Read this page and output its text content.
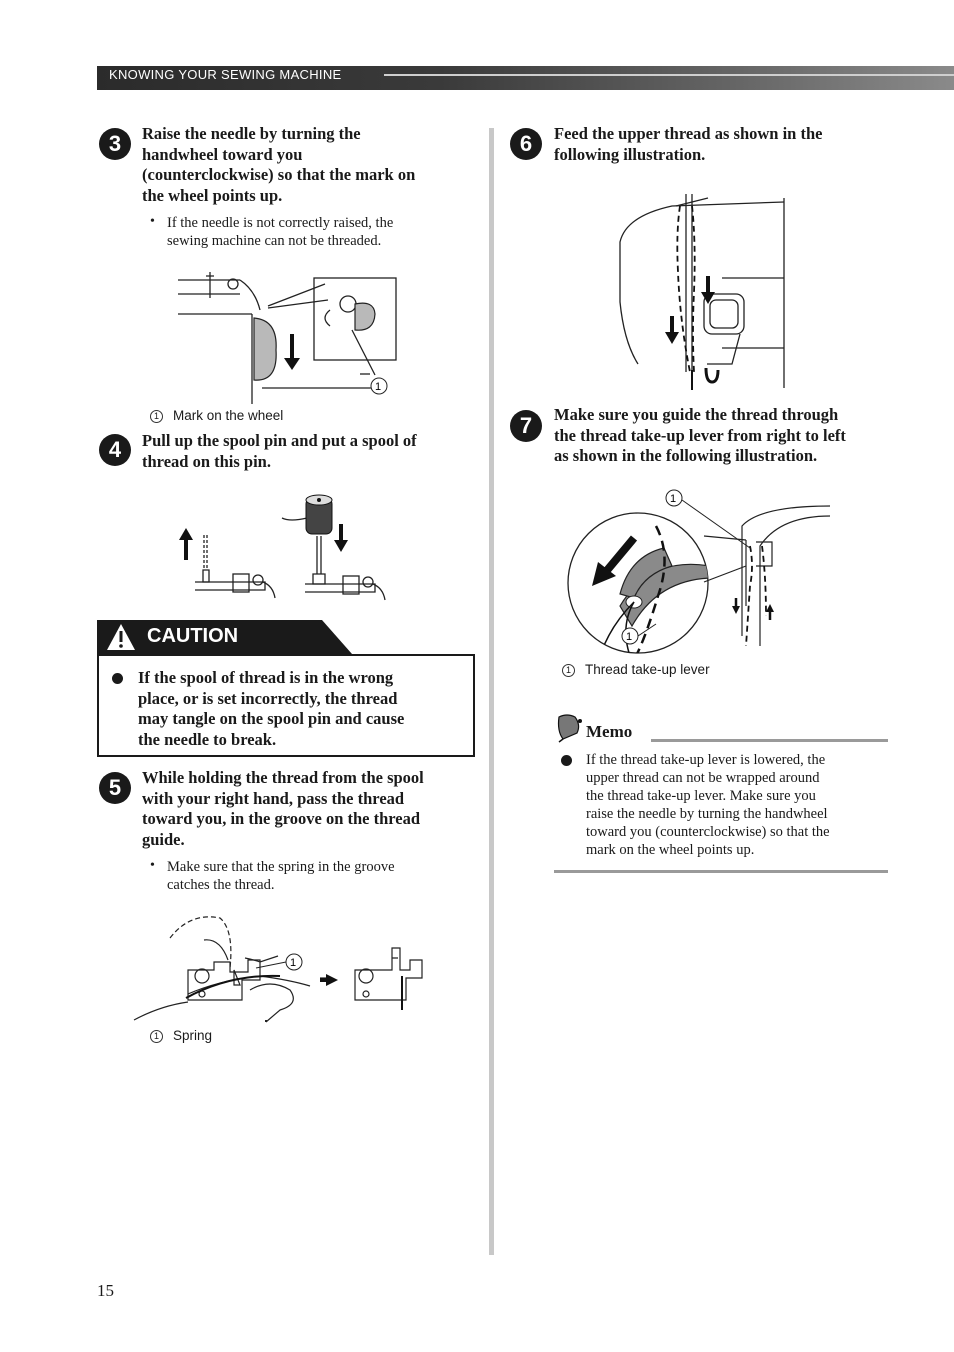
KNOWING YOUR SEWING MACHINE
3	Raise the needle by turning the
handwheel toward you
(counterclockwise) so that the mark on
the wheel points up.
• If the needle is not correctly raised, the
sewing machine can not be threaded.
1
1 Mark on the wheel
4	Pull up the spool pin and put a spool of
thread on this pin.
CAUTION
If the spool of thread is in the wrong
place, or is set incorrectly, the thread
may tangle on the spool pin and cause
the needle to break.
5	While holding the thread from the spool
with your right hand, pass the thread
toward you, in the groove on the thread
guide.
• Make sure that the spring in the groove
catches the thread.
1
1 Spring
6	Feed the upper thread as shown in the
following illustration.
7	Make sure you guide the thread through
the thread take-up lever from right to left
as shown in the following illustration.
1
1
1 Thread take-up lever
Memo
If the thread take-up lever is lowered, the
upper thread can not be wrapped around
the thread take-up lever. Make sure you
raise the needle by turning the handwheel
toward you (counterclockwise) so that the
mark on the wheel points up.
15
